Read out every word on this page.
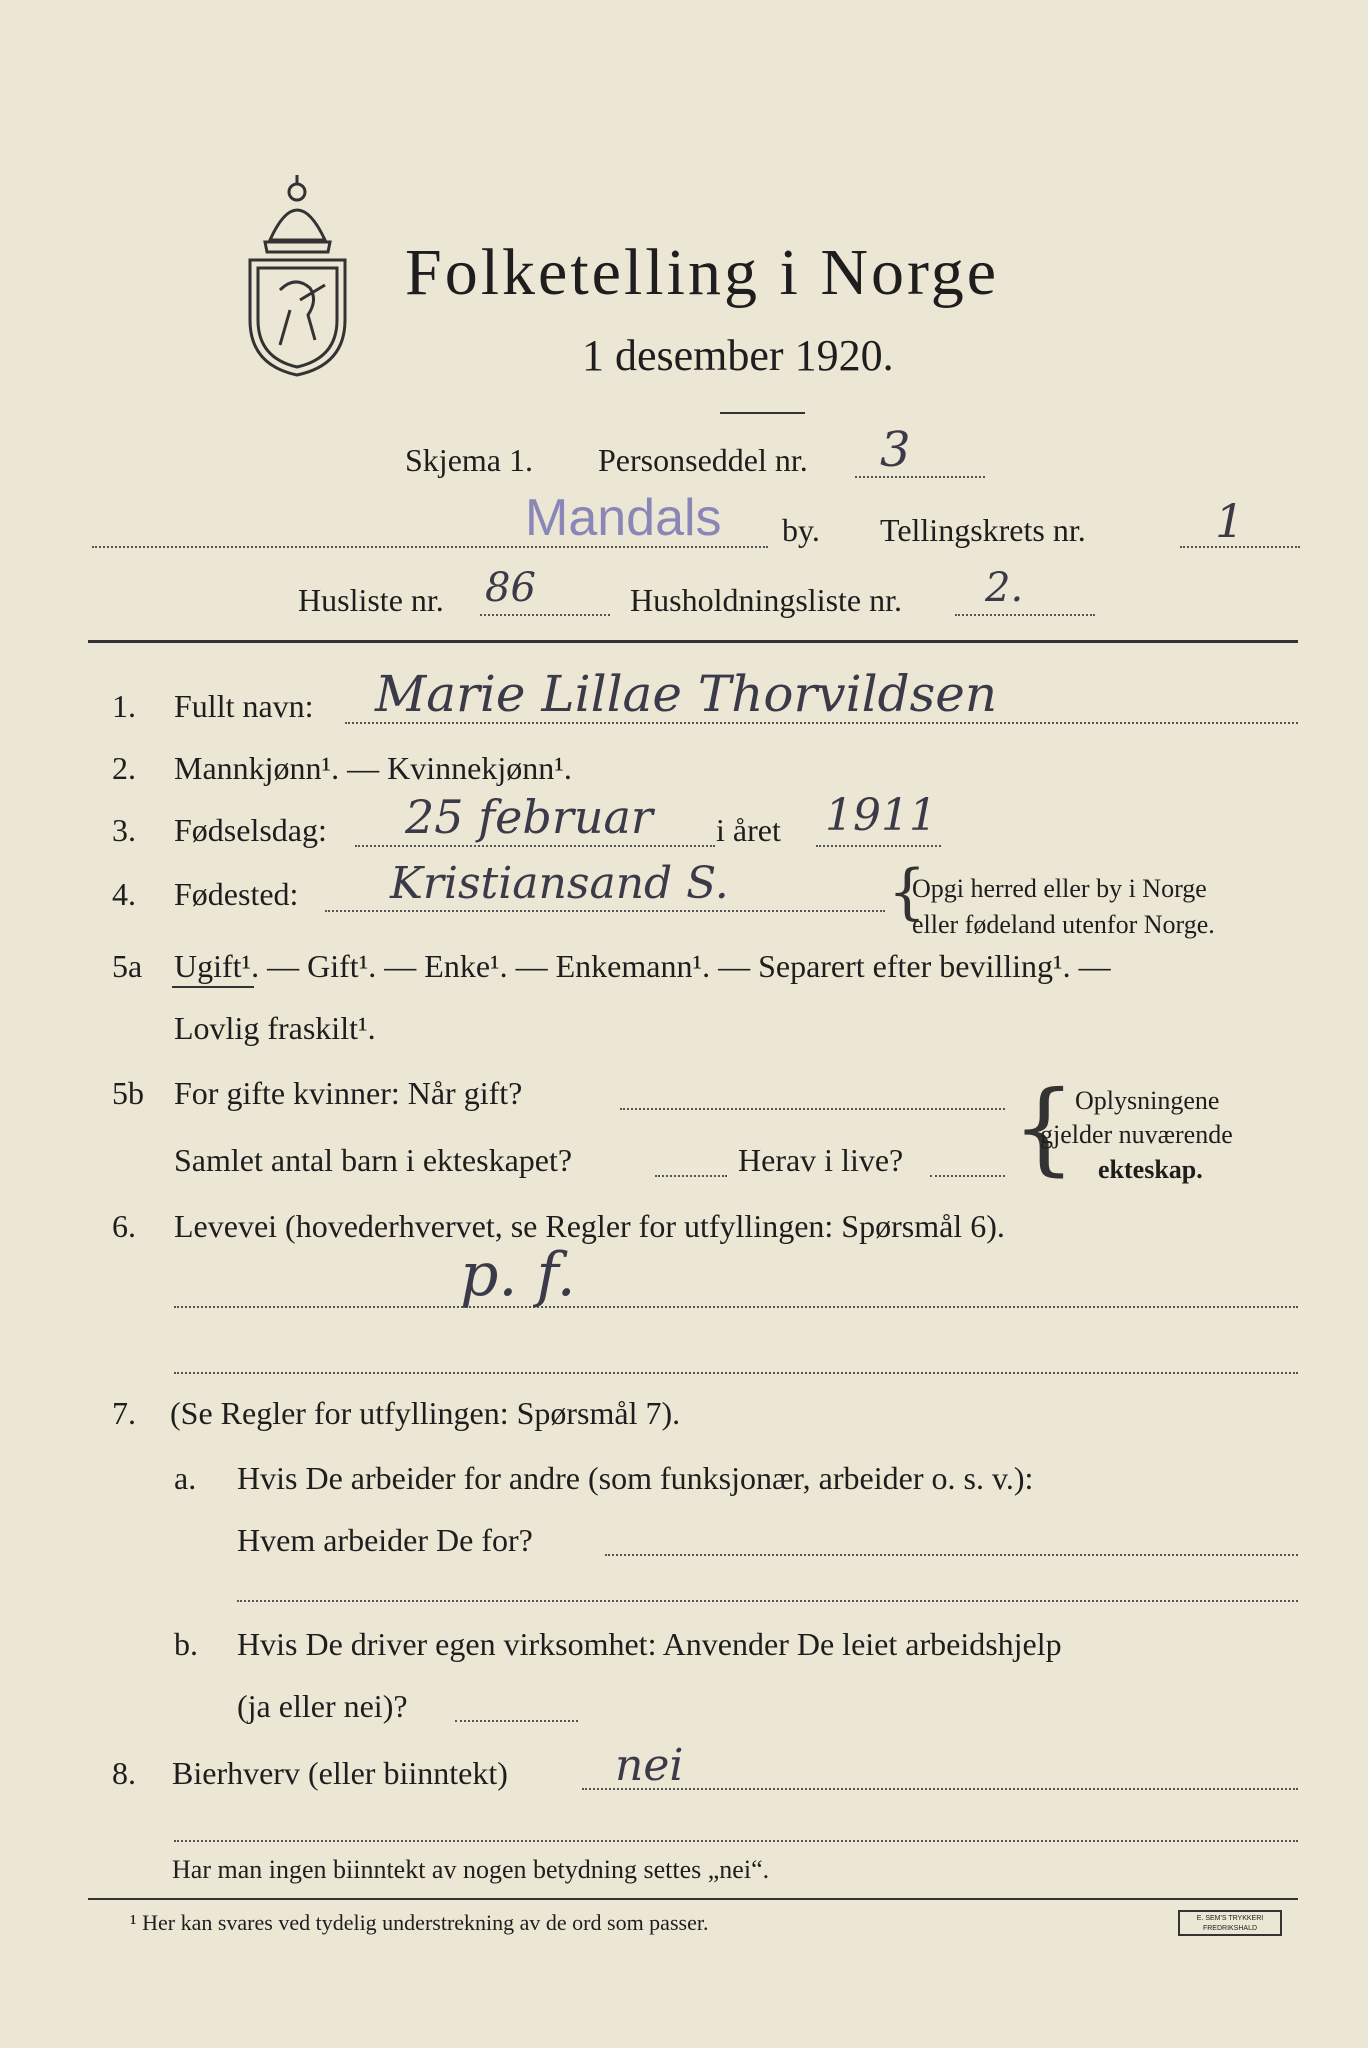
Folketelling i Norge
1 desember 1920.
Skjema 1. Personseddel nr. 3
Mandals by. Tellingskrets nr.	1
Husliste nr. 86	Husholdningsliste nr. 2.
1. Fullt navn: Marie Lillae Thorvildsen
2. Mannkjønn¹. — Kvinnekjønn¹.
3. Fødselsdag: 25 februar i året 1911
4. Fødested: Kristiansand S.	{
Opgi herred eller by i Norge
eller fødeland utenfor Norge.
5a Ugift¹. — Gift¹. — Enke¹. — Enkemann¹. — Separert efter bevilling¹. —
Lovlig fraskilt¹.
5b For gifte kvinner: Når gift?
Samlet antal barn i ekteskapet?	Herav i live? { Oplysningene
gjelder nuværende
ekteskap.
6. Levevei (hovederhvervet, se Regler for utfyllingen: Spørsmål 6).
p. f.
7. (Se Regler for utfyllingen: Spørsmål 7).
a. Hvis De arbeider for andre (som funksjonær, arbeider o. s. v.):
Hvem arbeider De for?
b. Hvis De driver egen virksomhet: Anvender De leiet arbeidshjelp
(ja eller nei)?
8. Bierhverv (eller biinntekt) nei
Har man ingen biinntekt av nogen betydning settes „nei“.
¹ Her kan svares ved tydelig understrekning av de ord som passer.	E. SEM'S TRYKKERI FREDRIKSHALD
